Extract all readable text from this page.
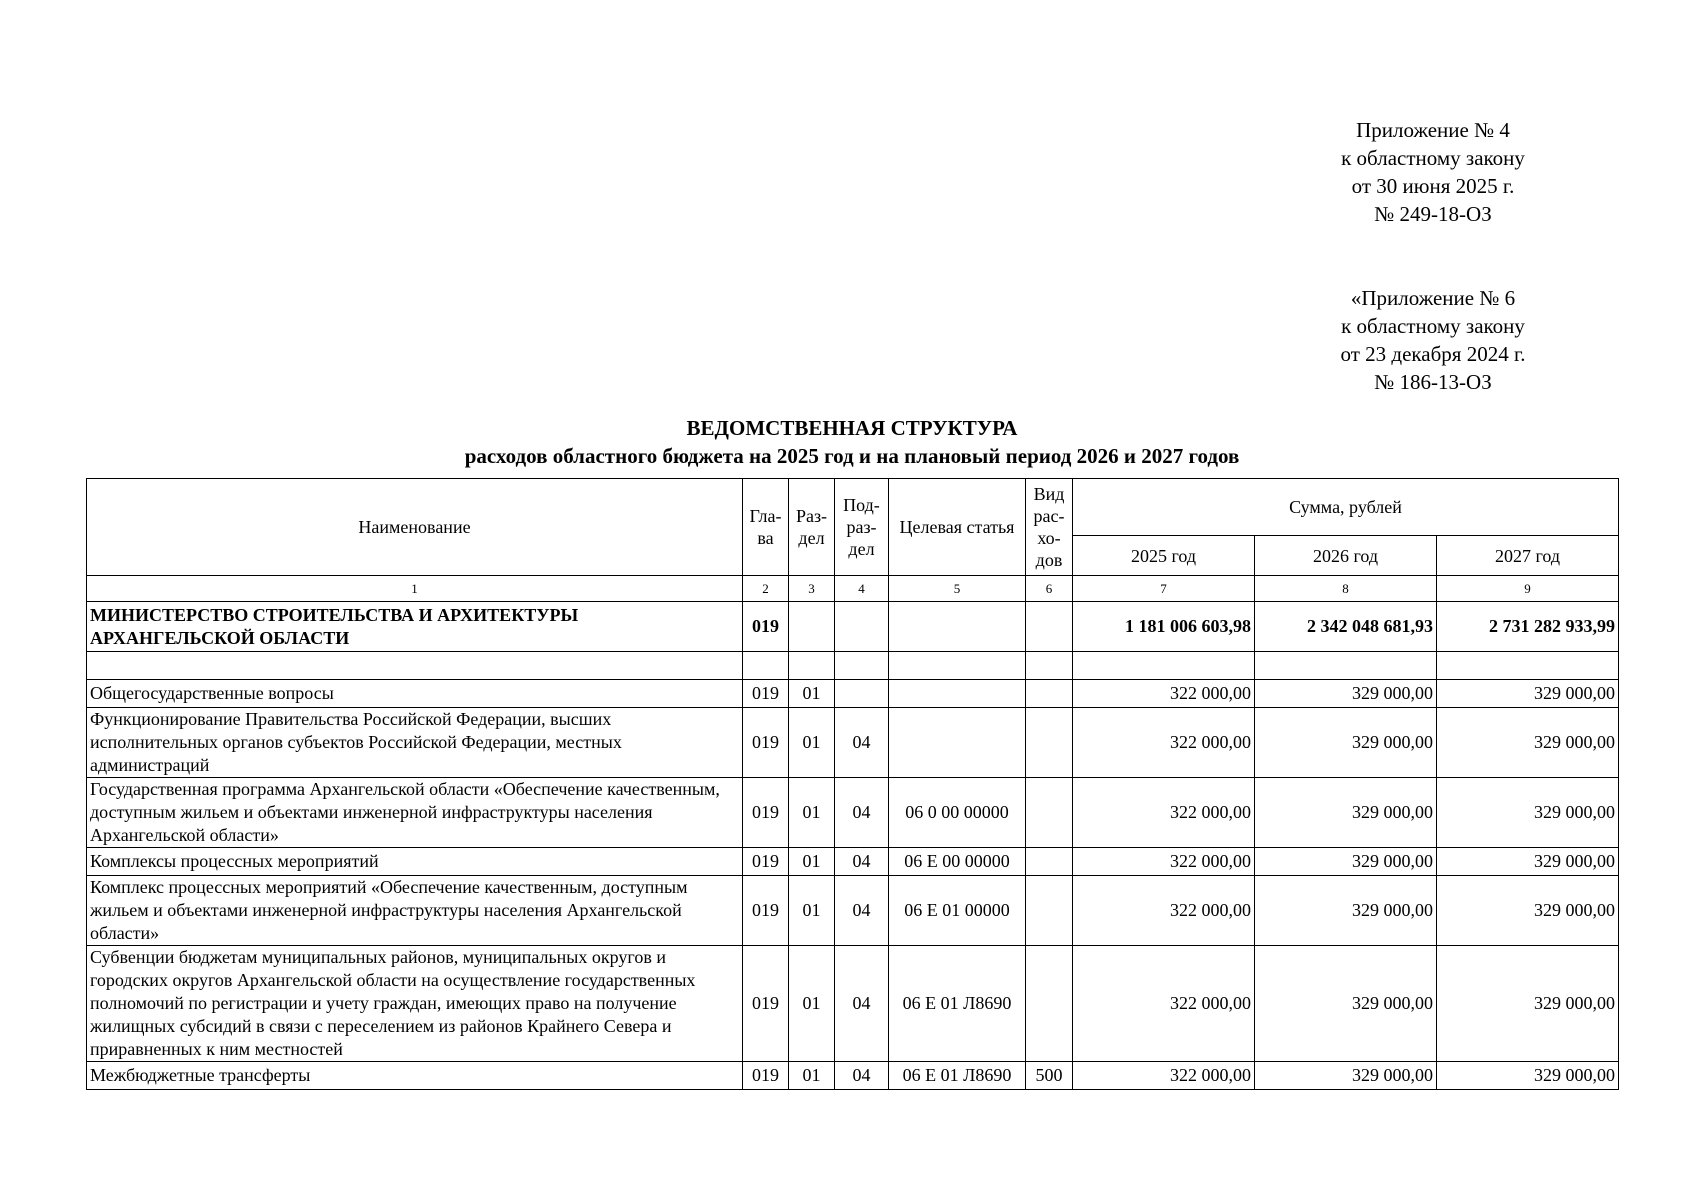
Приложение № 4
к областному закону
от 30 июня 2025 г.
№ 249-18-ОЗ
«Приложение № 6
к областному закону
от 23 декабря 2024 г.
№ 186-13-ОЗ
ВЕДОМСТВЕННАЯ СТРУКТУРА
расходов областного бюджета на 2025 год и на плановый период 2026 и 2027 годов
Наименование	Гла-ва	Раз-дел	Под-раз-дел	Целевая статья	Вид рас-хо-дов	Сумма, рублей		
						2025 год	2026 год	2027 год
1	2	3	4	5	6	7	8	9
МИНИСТЕРСТВО СТРОИТЕЛЬСТВА И АРХИТЕКТУРЫ АРХАНГЕЛЬСКОЙ ОБЛАСТИ	019					1 181 006 603,98	2 342 048 681,93	2 731 282 933,99

Общегосударственные вопросы	019	01				322 000,00	329 000,00	329 000,00
Функционирование Правительства Российской Федерации, высших исполнительных органов субъектов Российской Федерации, местных администраций	019	01	04			322 000,00	329 000,00	329 000,00
Государственная программа Архангельской области «Обеспечение качественным, доступным жильем и объектами инженерной инфраструктуры населения Архангельской области»	019	01	04	06 0 00 00000		322 000,00	329 000,00	329 000,00
Комплексы процессных мероприятий	019	01	04	06 Е 00 00000		322 000,00	329 000,00	329 000,00
Комплекс процессных мероприятий «Обеспечение качественным, доступным жильем и объектами инженерной инфраструктуры населения Архангельской области»	019	01	04	06 Е 01 00000		322 000,00	329 000,00	329 000,00
Субвенции бюджетам муниципальных районов, муниципальных округов и городских округов Архангельской области на осуществление государственных полномочий по регистрации и учету граждан, имеющих право на получение жилищных субсидий в связи с переселением из районов Крайнего Севера и приравненных к ним местностей	019	01	04	06 Е 01 Л8690		322 000,00	329 000,00	329 000,00
Межбюджетные трансферты	019	01	04	06 Е 01 Л8690	500	322 000,00	329 000,00	329 000,00
